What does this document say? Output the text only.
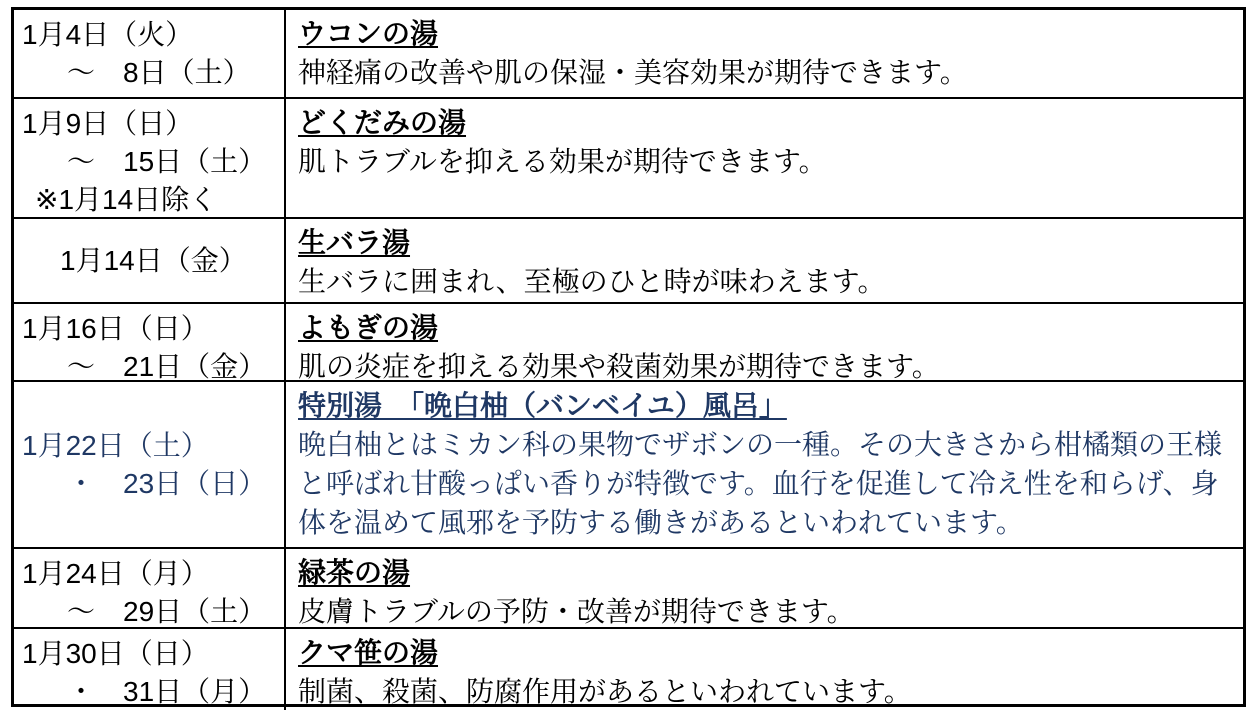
1月4日（火）
～　8日（土）
ウコンの湯
神経痛の改善や肌の保湿・美容効果が期待できます。
1月9日（日）
～　15日（土）
※1月14日除く
どくだみの湯
肌トラブルを抑える効果が期待できます。
1月14日（金）
生バラ湯
生バラに囲まれ、至極のひと時が味わえます。
1月16日（日）
～　21日（金）
よもぎの湯
肌の炎症を抑える効果や殺菌効果が期待できます。
1月22日（土）
・　23日（日）
特別湯　「晩白柚（バンベイユ）風呂」
晩白柚とはミカン科の果物でザボンの一種。その大きさから柑橘類の王様と呼ばれ甘酸っぱい香りが特徴です。血行を促進して冷え性を和らげ、身体を温めて風邪を予防する働きがあるといわれています。
1月24日（月）
～　29日（土）
緑茶の湯
皮膚トラブルの予防・改善が期待できます。
1月30日（日）
・　31日（月）
クマ笹の湯
制菌、殺菌、防腐作用があるといわれています。
